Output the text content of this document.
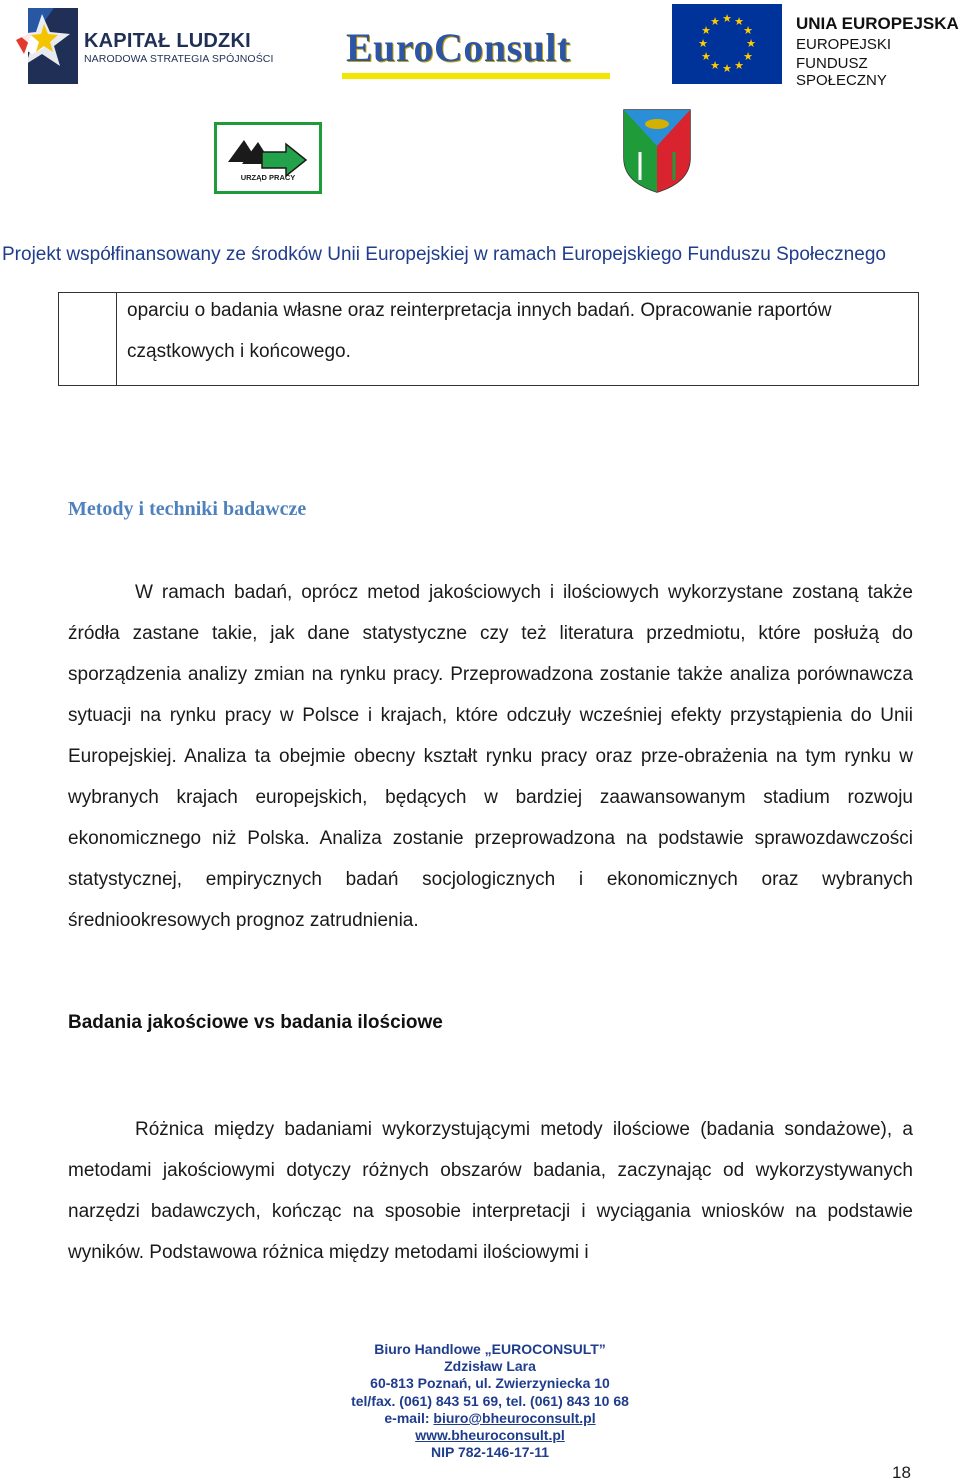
KAPITAŁ LUDZKI
NARODOWA STRATEGIA SPÓJNOŚCI EuroConsult
★ ★
★
★
★
★
★
★
★
★
★
★	UNIA EUROPEJSKA
EUROPEJSKI
FUNDUSZ SPOŁECZNY
URZĄD PRACY
Projekt współfinansowany ze środków Unii Europejskiej w ramach Europejskiego Funduszu Społecznego
oparciu o badania własne oraz reinterpretacja innych badań. Opracowanie raportów cząstkowych i końcowego.
Metody i techniki badawcze
W ramach badań, oprócz metod jakościowych i ilościowych wykorzystane zostaną także źródła zastane takie, jak dane statystyczne czy też literatura przedmiotu, które posłużą do sporządzenia analizy zmian na rynku pracy. Przeprowadzona zostanie także analiza porównawcza sytuacji na rynku pracy w Polsce i krajach, które odczuły wcześniej efekty przystąpienia do Unii Europejskiej. Analiza ta obejmie obecny kształt rynku pracy oraz prze-obrażenia na tym rynku w wybranych krajach europejskich, będących w bardziej zaawansowanym stadium rozwoju ekonomicznego niż Polska. Analiza zostanie przeprowadzona na podstawie sprawozdawczości statystycznej, empirycznych badań socjologicznych i ekonomicznych oraz wybranych średniookresowych prognoz zatrudnienia.
Badania jakościowe vs badania ilościowe
Różnica między badaniami wykorzystującymi metody ilościowe (badania sondażowe), a metodami jakościowymi dotyczy różnych obszarów badania, zaczynając od wykorzystywanych narzędzi badawczych, kończąc na sposobie interpretacji i wyciągania wniosków na podstawie wyników. Podstawowa różnica między metodami ilościowymi i
Biuro Handlowe „EUROCONSULT”
Zdzisław Lara
60-813 Poznań, ul. Zwierzyniecka 10
tel/fax. (061) 843 51 69, tel. (061) 843 10 68
e-mail: biuro@bheuroconsult.pl
www.bheuroconsult.pl
NIP 782-146-17-11
18
